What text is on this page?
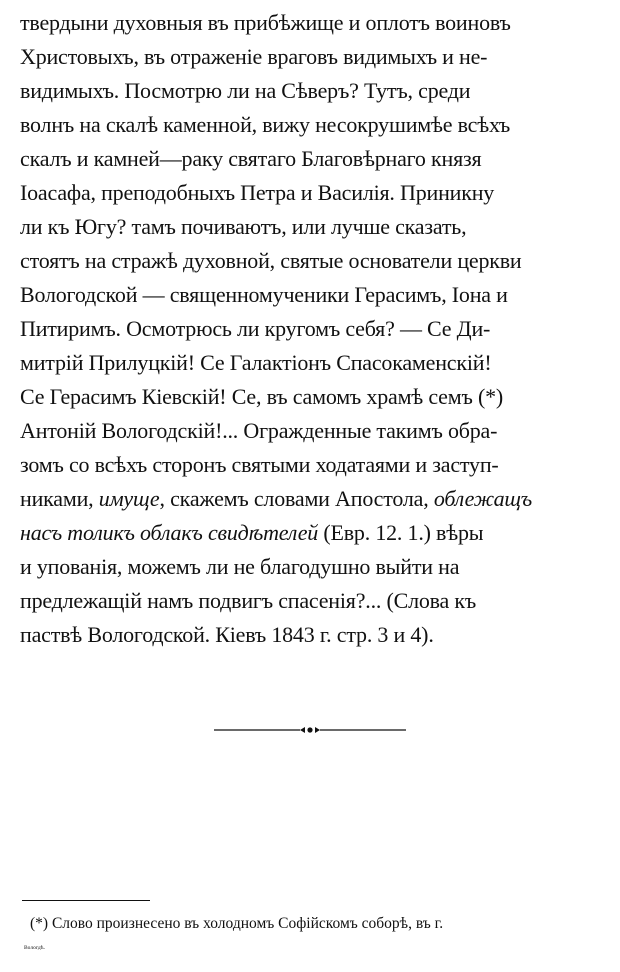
твердыни духовныя въ прибѣжище и оплотъ воиновъ
Христовыхъ, въ отраженіе враговъ видимыхъ и не-
видимыхъ. Посмотрю ли на Сѣверъ? Тутъ, среди
волнъ на скалѣ каменной, вижу несокрушимѣе всѣхъ
скалъ и камней—раку святаго Благовѣрнаго князя
Іоасафа, преподобныхъ Петра и Василія. Приникну
ли къ Югу? тамъ почиваютъ, или лучше сказать,
стоятъ на стражѣ духовной, святые основатели церкви
Вологодской — священномученики Герасимъ, Іона и
Питиримъ. Осмотрюсь ли кругомъ себя? — Се Ди-
митрій Прилуцкій! Се Галактіонъ Спасокаменскій!
Се Герасимъ Кіевскій! Се, въ самомъ храмѣ семъ (*)
Антоній Вологодскій!... Огражденные такимъ обра-
зомъ со всѣхъ сторонъ святыми ходатаями и заступ-
никами, имуще, скажемъ словами Апостола, облежащъ
насъ толикъ облакъ свидѣтелей (Евр. 12. 1.) вѣры
и упованія, можемъ ли не благодушно выйти на
предлежащій намъ подвигъ спасенія?... (Слова къ
паствѣ Вологодской. Кіевъ 1843 г. стр. 3 и 4).
(*) Слово произнесено въ холодномъ Софійскомъ соборѣ, въ г.
Вологдѣ.
